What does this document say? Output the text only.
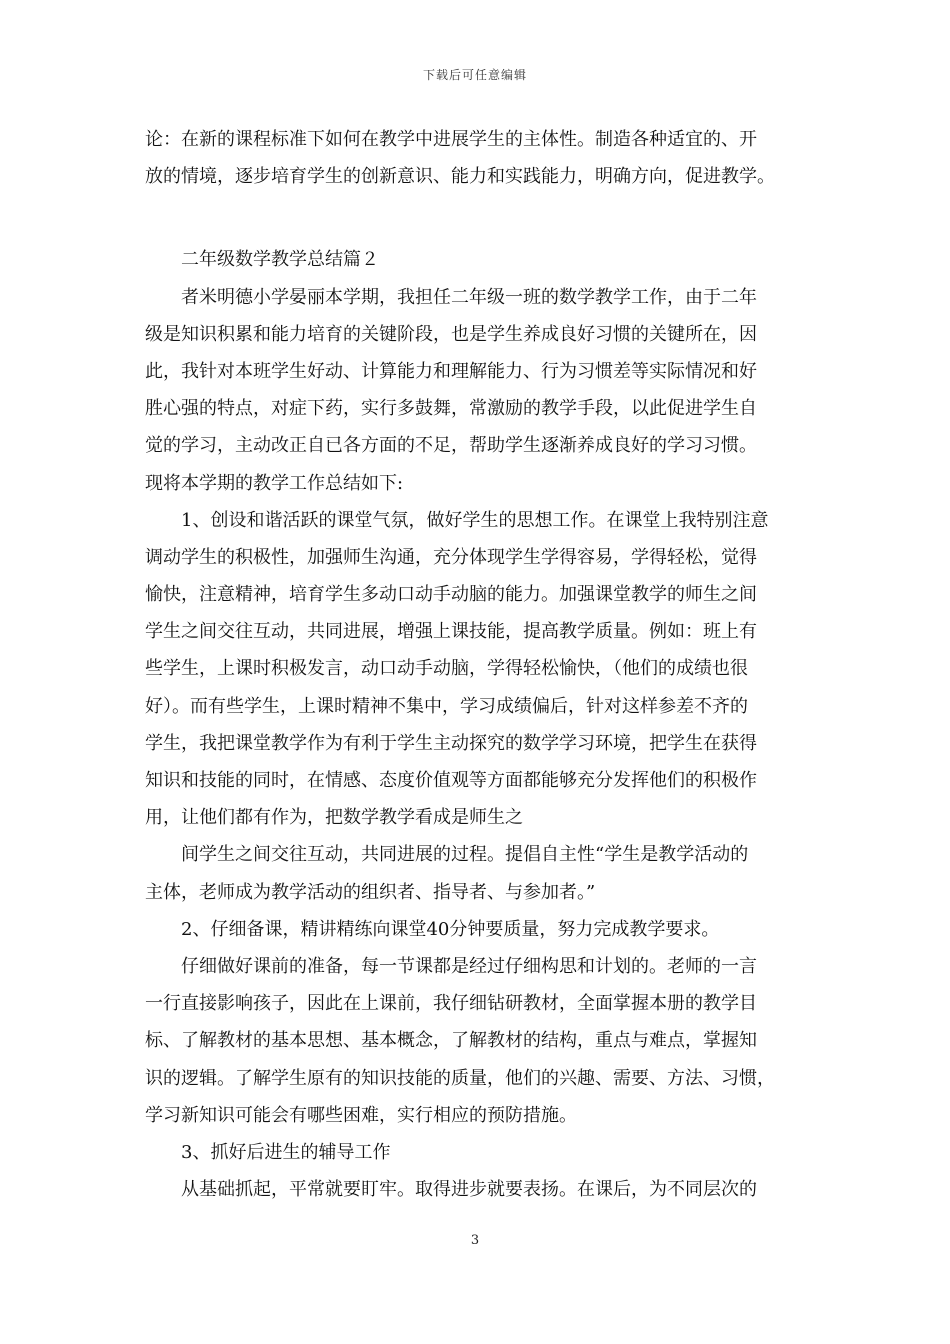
下载后可任意编辑
论：在新的课程标准下如何在教学中进展学生的主体性。制造各种适宜的、开
放的情境，逐步培育学生的创新意识、能力和实践能力，明确方向，促进教学。
二年级数学教学总结篇２
者米明德小学晏丽本学期，我担任二年级一班的数学教学工作，由于二年
级是知识积累和能力培育的关键阶段，也是学生养成良好习惯的关键所在，因
此，我针对本班学生好动、计算能力和理解能力、行为习惯差等实际情况和好
胜心强的特点，对症下药，实行多鼓舞，常激励的教学手段，以此促进学生自
觉的学习，主动改正自已各方面的不足，帮助学生逐渐养成良好的学习习惯。
现将本学期的教学工作总结如下:
1、创设和谐活跃的课堂气氛，做好学生的思想工作。在课堂上我特别注意
调动学生的积极性，加强师生沟通，充分体现学生学得容易，学得轻松，觉得
愉快，注意精神，培育学生多动口动手动脑的能力。加强课堂教学的师生之间
学生之间交往互动，共同进展，增强上课技能，提高教学质量。例如：班上有
些学生，上课时积极发言，动口动手动脑，学得轻松愉快，（他们的成绩也很
好）。而有些学生，上课时精神不集中，学习成绩偏后，针对这样参差不齐的
学生，我把课堂教学作为有利于学生主动探究的数学学习环境，把学生在获得
知识和技能的同时，在情感、态度价值观等方面都能够充分发挥他们的积极作
用，让他们都有作为，把数学教学看成是师生之
间学生之间交往互动，共同进展的过程。提倡自主性“学生是教学活动的
主体，老师成为教学活动的组织者、指导者、与参加者。”
2、仔细备课，精讲精练向课堂40分钟要质量，努力完成教学要求。
仔细做好课前的准备，每一节课都是经过仔细构思和计划的。老师的一言
一行直接影响孩子，因此在上课前，我仔细钻研教材，全面掌握本册的教学目
标、了解教材的基本思想、基本概念，了解教材的结构，重点与难点，掌握知
识的逻辑。了解学生原有的知识技能的质量，他们的兴趣、需要、方法、习惯，
学习新知识可能会有哪些困难，实行相应的预防措施。
3、抓好后进生的辅导工作
从基础抓起，平常就要盯牢。取得进步就要表扬。在课后，为不同层次的
3
